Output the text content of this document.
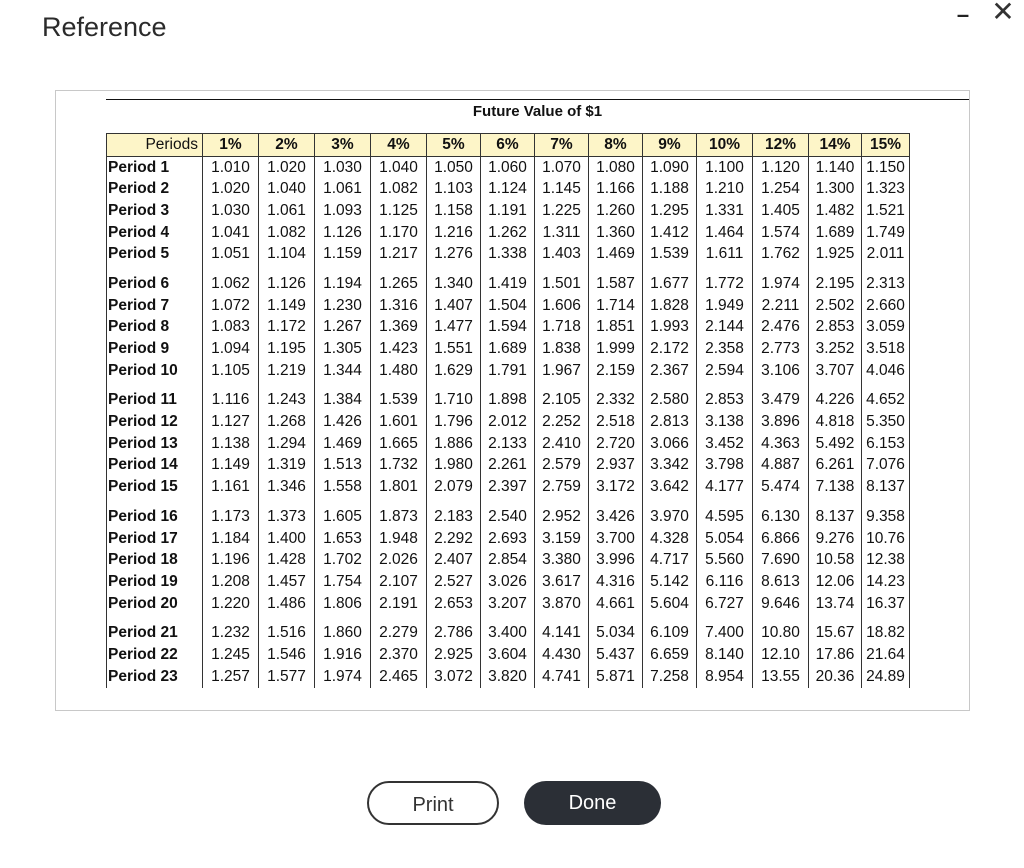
Reference	– ✕
Future Value of $1
Periods	1%	2%	3%	4%	5%	6%	7%	8%	9%	10%	12%	14%	15%
Period 1	1.010	1.020	1.030	1.040	1.050	1.060	1.070	1.080	1.090	1.100	1.120	1.140	1.150
Period 2	1.020	1.040	1.061	1.082	1.103	1.124	1.145	1.166	1.188	1.210	1.254	1.300	1.323
Period 3	1.030	1.061	1.093	1.125	1.158	1.191	1.225	1.260	1.295	1.331	1.405	1.482	1.521
Period 4	1.041	1.082	1.126	1.170	1.216	1.262	1.311	1.360	1.412	1.464	1.574	1.689	1.749
Period 5	1.051	1.104	1.159	1.217	1.276	1.338	1.403	1.469	1.539	1.611	1.762	1.925	2.011
Period 6	1.062	1.126	1.194	1.265	1.340	1.419	1.501	1.587	1.677	1.772	1.974	2.195	2.313
Period 7	1.072	1.149	1.230	1.316	1.407	1.504	1.606	1.714	1.828	1.949	2.211	2.502	2.660
Period 8	1.083	1.172	1.267	1.369	1.477	1.594	1.718	1.851	1.993	2.144	2.476	2.853	3.059
Period 9	1.094	1.195	1.305	1.423	1.551	1.689	1.838	1.999	2.172	2.358	2.773	3.252	3.518
Period 10	1.105	1.219	1.344	1.480	1.629	1.791	1.967	2.159	2.367	2.594	3.106	3.707	4.046
Period 11	1.116	1.243	1.384	1.539	1.710	1.898	2.105	2.332	2.580	2.853	3.479	4.226	4.652
Period 12	1.127	1.268	1.426	1.601	1.796	2.012	2.252	2.518	2.813	3.138	3.896	4.818	5.350
Period 13	1.138	1.294	1.469	1.665	1.886	2.133	2.410	2.720	3.066	3.452	4.363	5.492	6.153
Period 14	1.149	1.319	1.513	1.732	1.980	2.261	2.579	2.937	3.342	3.798	4.887	6.261	7.076
Period 15	1.161	1.346	1.558	1.801	2.079	2.397	2.759	3.172	3.642	4.177	5.474	7.138	8.137
Period 16	1.173	1.373	1.605	1.873	2.183	2.540	2.952	3.426	3.970	4.595	6.130	8.137	9.358
Period 17	1.184	1.400	1.653	1.948	2.292	2.693	3.159	3.700	4.328	5.054	6.866	9.276	10.76
Period 18	1.196	1.428	1.702	2.026	2.407	2.854	3.380	3.996	4.717	5.560	7.690	10.58	12.38
Period 19	1.208	1.457	1.754	2.107	2.527	3.026	3.617	4.316	5.142	6.116	8.613	12.06	14.23
Period 20	1.220	1.486	1.806	2.191	2.653	3.207	3.870	4.661	5.604	6.727	9.646	13.74	16.37
Period 21	1.232	1.516	1.860	2.279	2.786	3.400	4.141	5.034	6.109	7.400	10.80	15.67	18.82
Period 22	1.245	1.546	1.916	2.370	2.925	3.604	4.430	5.437	6.659	8.140	12.10	17.86	21.64
Period 23	1.257	1.577	1.974	2.465	3.072	3.820	4.741	5.871	7.258	8.954	13.55	20.36	24.89
Print	Done
